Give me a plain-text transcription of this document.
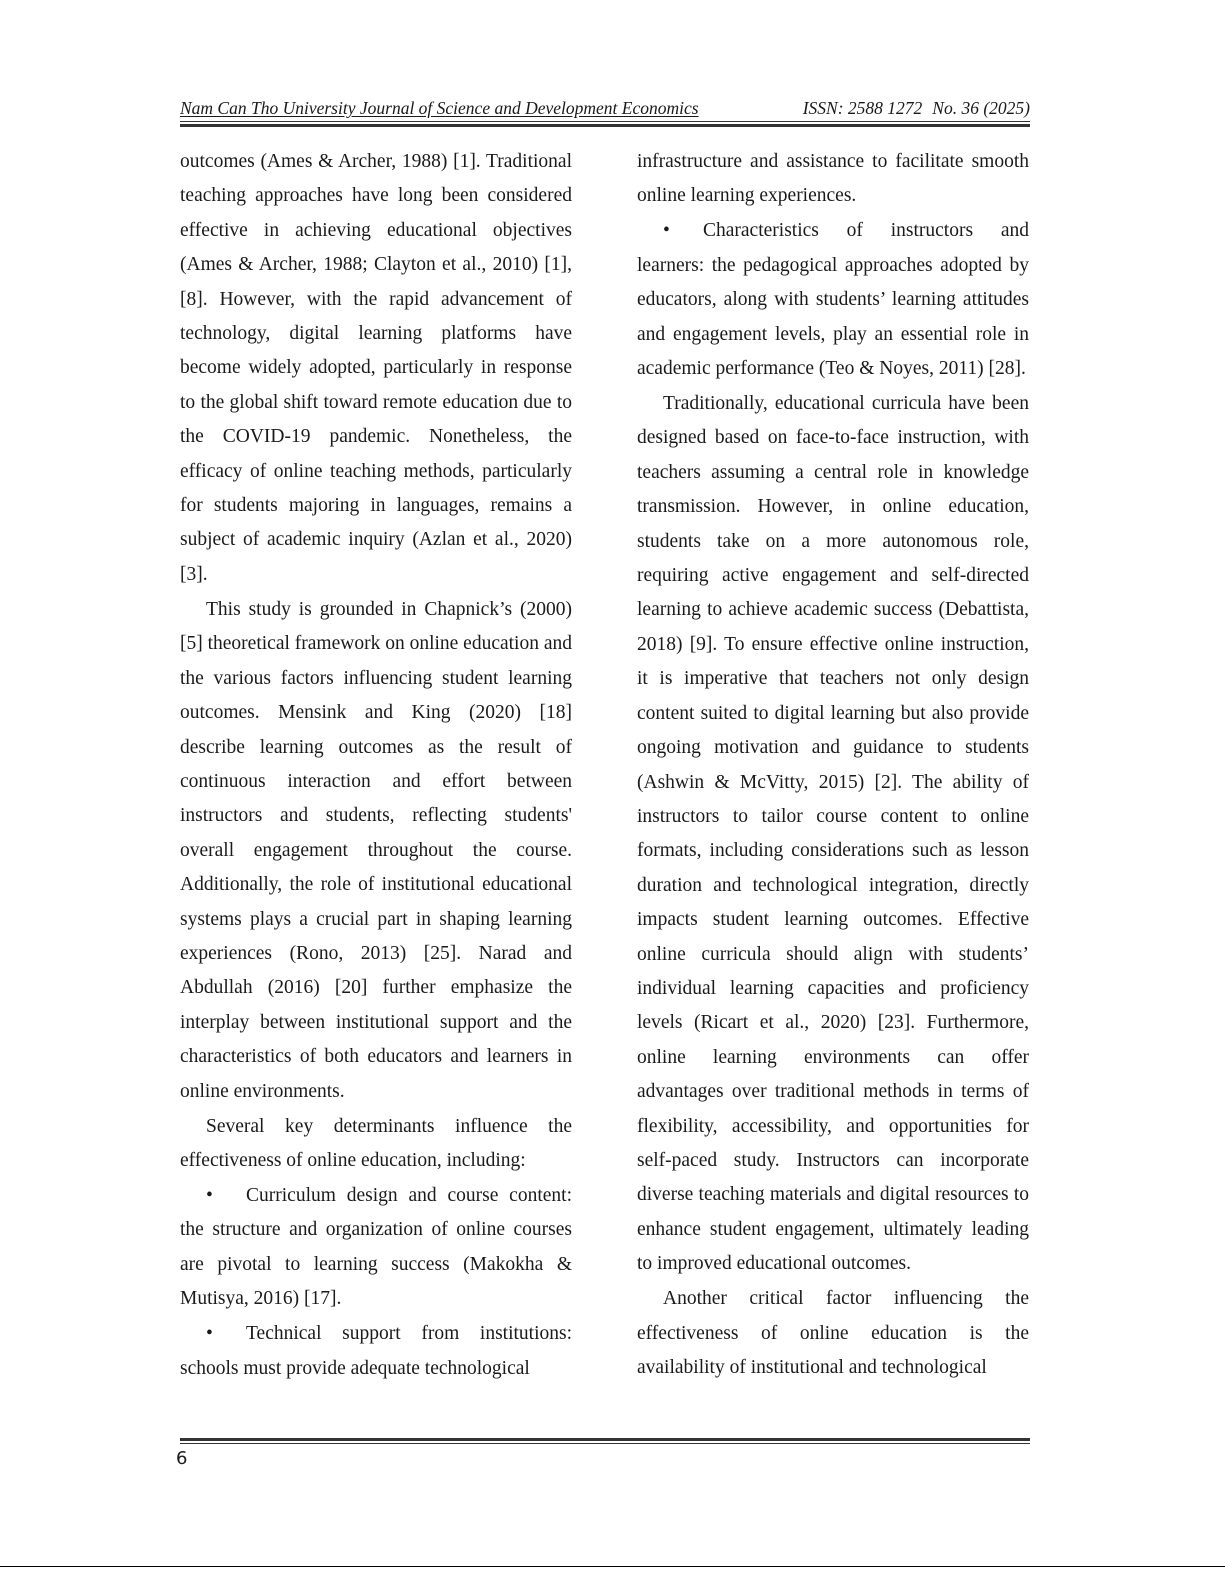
Nam Can Tho University Journal of Science and Development Economics	ISSN: 2588 1272 No. 36 (2025)

outcomes (Ames & Archer, 1988) [1]. Traditional teaching approaches have long been considered effective in achieving educational objectives (Ames & Archer, 1988; Clayton et al., 2010) [1],[8]. However, with the rapid advancement of technology, digital learning platforms have become widely adopted, particularly in response to the global shift toward remote education due to the COVID-19 pandemic. Nonetheless, the efficacy of online teaching methods, particularly for students majoring in languages, remains a subject of academic inquiry (Azlan et al., 2020) [3].

This study is grounded in Chapnick’s (2000) [5] theoretical framework on online education and the various factors influencing student learning outcomes. Mensink and King (2020) [18] describe learning outcomes as the result of continuous interaction and effort between instructors and students, reflecting students' overall engagement throughout the course. Additionally, the role of institutional educational systems plays a crucial part in shaping learning experiences (Rono, 2013) [25]. Narad and Abdullah (2016) [20] further emphasize the interplay between institutional support and the characteristics of both educators and learners in online environments.

Several key determinants influence the effectiveness of online education, including:

• Curriculum design and course content: the structure and organization of online courses are pivotal to learning success (Makokha & Mutisya, 2016) [17].

• Technical support from institutions: schools must provide adequate technological

infrastructure and assistance to facilitate smooth online learning experiences.

• Characteristics of instructors and learners: the pedagogical approaches adopted by educators, along with students’ learning attitudes and engagement levels, play an essential role in academic performance (Teo & Noyes, 2011) [28].

Traditionally, educational curricula have been designed based on face-to-face instruction, with teachers assuming a central role in knowledge transmission. However, in online education, students take on a more autonomous role, requiring active engagement and self-directed learning to achieve academic success (Debattista, 2018) [9]. To ensure effective online instruction, it is imperative that teachers not only design content suited to digital learning but also provide ongoing motivation and guidance to students (Ashwin & McVitty, 2015) [2]. The ability of instructors to tailor course content to online formats, including considerations such as lesson duration and technological integration, directly impacts student learning outcomes. Effective online curricula should align with students’ individual learning capacities and proficiency levels (Ricart et al., 2020) [23]. Furthermore, online learning environments can offer advantages over traditional methods in terms of flexibility, accessibility, and opportunities for self-paced study. Instructors can incorporate diverse teaching materials and digital resources to enhance student engagement, ultimately leading to improved educational outcomes.

Another critical factor influencing the effectiveness of online education is the availability of institutional and technological

6
